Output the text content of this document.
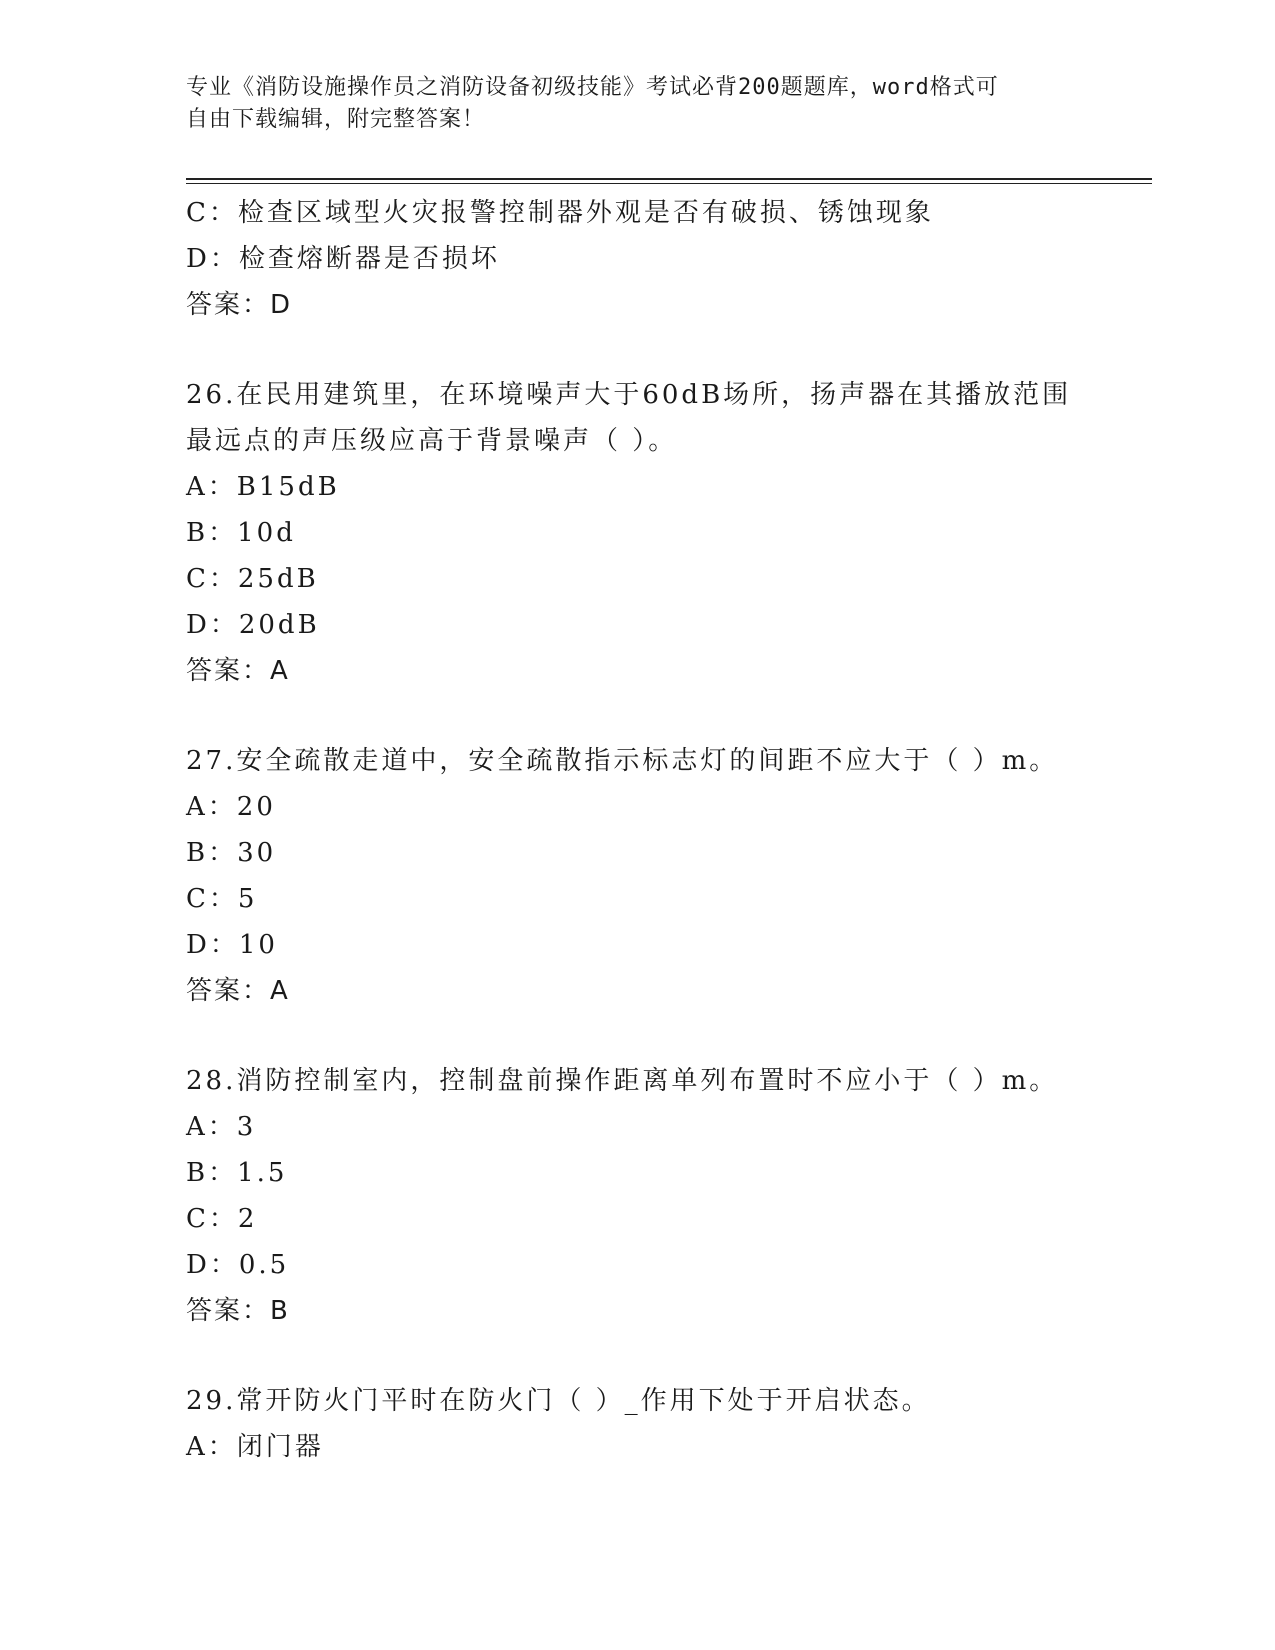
专业《消防设施操作员之消防设备初级技能》考试必背200题题库，word格式可
自由下载编辑，附完整答案！
C：检查区域型火灾报警控制器外观是否有破损、锈蚀现象
D：检查熔断器是否损坏
答案：D
26.在民用建筑里，在环境噪声大于60dB场所，扬声器在其播放范围
最远点的声压级应高于背景噪声（ ）。
A：B15dB
B：10d
C：25dB
D：20dB
答案：A
27.安全疏散走道中，安全疏散指示标志灯的间距不应大于（ ）m。
A：20
B：30
C：5
D：10
答案：A
28.消防控制室内，控制盘前操作距离单列布置时不应小于（ ）m。
A：3
B：1.5
C：2
D：0.5
答案：B
29.常开防火门平时在防火门（ ）_作用下处于开启状态。
A：闭门器
